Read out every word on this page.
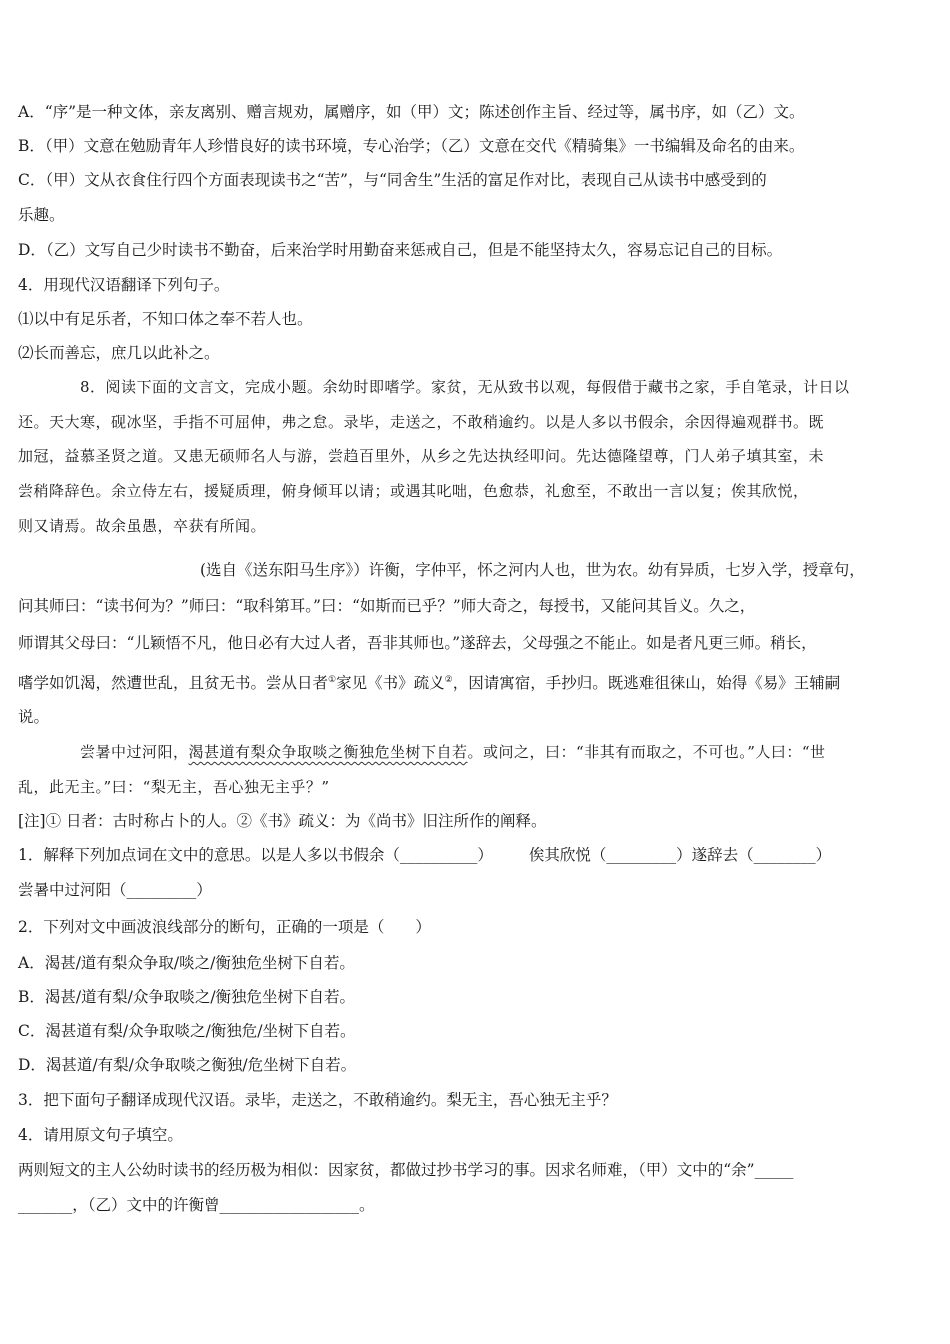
A．“序”是一种文体，亲友离别、赠言规劝，属赠序，如（甲）文；陈述创作主旨、经过等，属书序，如（乙）文。
B．（甲）文意在勉励青年人珍惜良好的读书环境，专心治学；（乙）文意在交代《精骑集》一书编辑及命名的由来。
C．（甲）文从衣食住行四个方面表现读书之“苦”，与“同舍生”生活的富足作对比，表现自己从读书中感受到的
乐趣。
D．（乙）文写自己少时读书不勤奋，后来治学时用勤奋来惩戒自己，但是不能坚持太久，容易忘记自己的目标。
4．用现代汉语翻译下列句子。
⑴以中有足乐者，不知口体之奉不若人也。
⑵长而善忘，庶几以此补之。
8．阅读下面的文言文，完成小题。余幼时即嗜学。家贫，无从致书以观，每假借于藏书之家，手自笔录，计日以
还。天大寒，砚冰坚，手指不可屈伸，弗之怠。录毕，走送之，不敢稍逾约。以是人多以书假余，余因得遍观群书。既
加冠，益慕圣贤之道。又患无硕师名人与游，尝趋百里外，从乡之先达执经叩问。先达德隆望尊，门人弟子填其室，未
尝稍降辞色。余立侍左右，援疑质理，俯身倾耳以请；或遇其叱咄，色愈恭，礼愈至，不敢出一言以复；俟其欣悦，
则又请焉。故余虽愚，卒获有所闻。
(选自《送东阳马生序》）许衡，字仲平，怀之河内人也，世为农。幼有异质，七岁入学，授章句，
问其师曰：“读书何为？”师曰：“取科第耳。”曰：“如斯而已乎？”师大奇之，每授书，又能问其旨义。久之，
师谓其父母曰：“儿颖悟不凡，他日必有大过人者，吾非其师也。”遂辞去，父母强之不能止。如是者凡更三师。稍长，
嗜学如饥渴，然遭世乱，且贫无书。尝从日者①家见《书》疏义②，因请寓宿，手抄归。既逃难徂徕山，始得《易》王辅嗣
说。
尝暑中过河阳，渴甚道有梨众争取啖之衡独危坐树下自若。或问之，曰：“非其有而取之，不可也。”人曰：“世
乱，此无主。”曰：“梨无主，吾心独无主乎？”
[注]① 日者：古时称占卜的人。②《书》疏义：为《尚书》旧注所作的阐释。
1．解释下列加点词在文中的意思。以是人多以书假余（__________） 俟其欣悦（_________）遂辞去（________）
尝暑中过河阳（_________）
2．下列对文中画波浪线部分的断句，正确的一项是（　　）
A．渴甚/道有梨众争取/啖之/衡独危坐树下自若。
B．渴甚/道有梨/众争取啖之/衡独危坐树下自若。
C．渴甚道有梨/众争取啖之/衡独危/坐树下自若。
D．渴甚道/有梨/众争取啖之衡独/危坐树下自若。
3．把下面句子翻译成现代汉语。录毕，走送之，不敢稍逾约。梨无主，吾心独无主乎？
4．请用原文句子填空。
两则短文的主人公幼时读书的经历极为相似：因家贫，都做过抄书学习的事。因求名师难，（甲）文中的“余”_____
_______，（乙）文中的许衡曾__________________。
